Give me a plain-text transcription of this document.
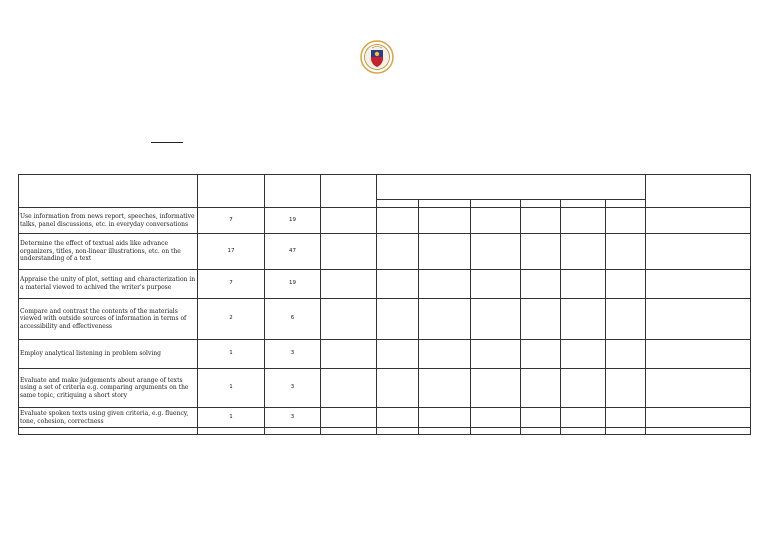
Use information from news report, speeches, informative talks, panel discussions, etc. in everyday conversations	7	19								
Determine the effect of textual aids like advance organizers, titles, non-linear illustrations, etc. on the understanding of a text	17	47								
Appraise the unity of plot, setting and characterization in a material viewed to achived the writer's purpose	7	19								
Compare and contrast the contents of the materials viewed with outside sources of information in terms of accessibility and effectiveness	2	6								
Employ analytical listening in problem solving	1	3								
Evaluate and make judgements about arange of texts using a set of criteria e.g. comparing arguments on the same topic, critiquing a short story	1	3								
Evaluate spoken texts using given criteria, e.g. fluency, tone, cohesion, correctness	1	3								
